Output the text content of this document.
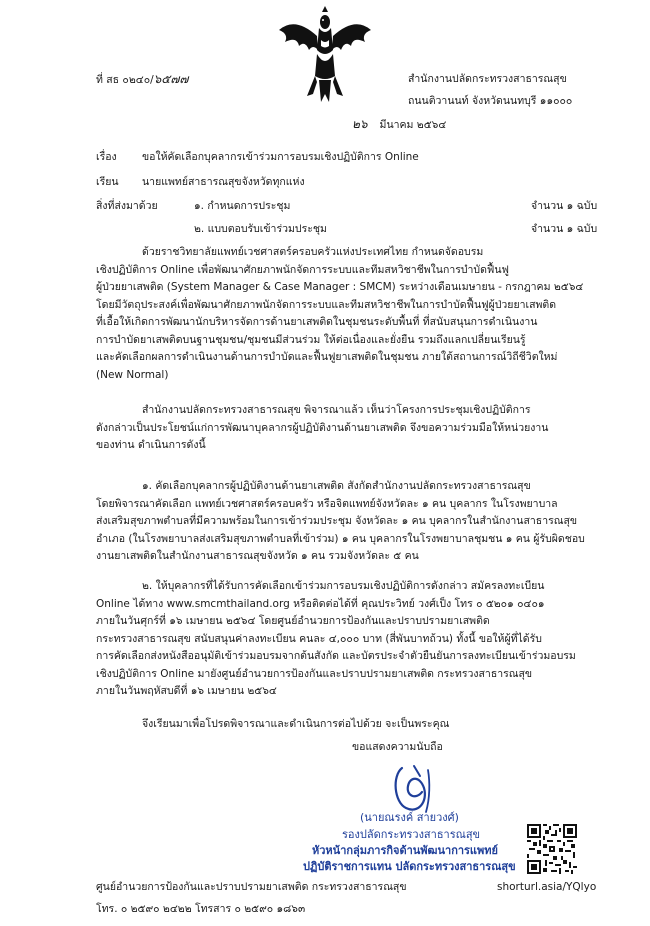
ที่ สธ ๐๒๔๐/๖๕๗๗	สำนักงานปลัดกระทรวงสาธารณสุข
ถนนติวานนท์ จังหวัดนนทบุรี ๑๑๐๐๐
๒๖ มีนาคม ๒๕๖๔
เรื่อง ขอให้คัดเลือกบุคลากรเข้าร่วมการอบรมเชิงปฏิบัติการ Online
เรียน นายแพทย์สาธารณสุขจังหวัดทุกแห่ง
สิ่งที่ส่งมาด้วย	๑. กำหนดการประชุม	จำนวน ๑ ฉบับ
๒. แบบตอบรับเข้าร่วมประชุม	จำนวน ๑ ฉบับ
ด้วยราชวิทยาลัยแพทย์เวชศาสตร์ครอบครัวแห่งประเทศไทย กำหนดจัดอบรม
เชิงปฏิบัติการ Online เพื่อพัฒนาศักยภาพนักจัดการระบบและทีมสหวิชาชีพในการบำบัดฟื้นฟู
ผู้ป่วยยาเสพติด (System Manager & Case Manager : SMCM) ระหว่างเดือนเมษายน - กรกฎาคม ๒๕๖๔
โดยมีวัตถุประสงค์เพื่อพัฒนาศักยภาพนักจัดการระบบและทีมสหวิชาชีพในการบำบัดฟื้นฟูผู้ป่วยยาเสพติด
ที่เอื้อให้เกิดการพัฒนานักบริหารจัดการด้านยาเสพติดในชุมชนระดับพื้นที่ ที่สนับสนุนการดำเนินงาน
การบำบัดยาเสพติดบนฐานชุมชน/ชุมชนมีส่วนร่วม ให้ต่อเนื่องและยั่งยืน รวมถึงแลกเปลี่ยนเรียนรู้
และคัดเลือกผลการดำเนินงานด้านการบำบัดและฟื้นฟูยาเสพติดในชุมชน ภายใต้สถานการณ์วิถีชีวิตใหม่
(New Normal)
สำนักงานปลัดกระทรวงสาธารณสุข พิจารณาแล้ว เห็นว่าโครงการประชุมเชิงปฏิบัติการ
ดังกล่าวเป็นประโยชน์แก่การพัฒนาบุคลากรผู้ปฏิบัติงานด้านยาเสพติด จึงขอความร่วมมือให้หน่วยงาน
ของท่าน ดำเนินการดังนี้
๑. คัดเลือกบุคลากรผู้ปฏิบัติงานด้านยาเสพติด สังกัดสำนักงานปลัดกระทรวงสาธารณสุข
โดยพิจารณาคัดเลือก แพทย์เวชศาสตร์ครอบครัว หรือจิตแพทย์จังหวัดละ ๑ คน บุคลากร ในโรงพยาบาล
ส่งเสริมสุขภาพตำบลที่มีความพร้อมในการเข้าร่วมประชุม จังหวัดละ ๑ คน บุคลากรในสำนักงานสาธารณสุข
อำเภอ (ในโรงพยาบาลส่งเสริมสุขภาพตำบลที่เข้าร่วม) ๑ คน บุคลากรในโรงพยาบาลชุมชน ๑ คน ผู้รับผิดชอบ
งานยาเสพติดในสำนักงานสาธารณสุขจังหวัด ๑ คน รวมจังหวัดละ ๕ คน
๒. ให้บุคลากรที่ได้รับการคัดเลือกเข้าร่วมการอบรมเชิงปฏิบัติการดังกล่าว สมัครลงทะเบียน
Online ได้ทาง www.smcmthailand.org หรือติดต่อได้ที่ คุณประวิทย์ วงศ์เป็ง โทร ๐ ๕๒๐๑ ๐๔๐๑
ภายในวันศุกร์ที่ ๑๖ เมษายน ๒๕๖๔ โดยศูนย์อำนวยการป้องกันและปราบปรามยาเสพติด
กระทรวงสาธารณสุข สนับสนุนค่าลงทะเบียน คนละ ๔,๐๐๐ บาท (สี่พันบาทถ้วน) ทั้งนี้ ขอให้ผู้ที่ได้รับ
การคัดเลือกส่งหนังสืออนุมัติเข้าร่วมอบรมจากต้นสังกัด และบัตรประจำตัวยืนยันการลงทะเบียนเข้าร่วมอบรม
เชิงปฏิบัติการ Online มายังศูนย์อำนวยการป้องกันและปราบปรามยาเสพติด กระทรวงสาธารณสุข
ภายในวันพฤหัสบดีที่ ๑๖ เมษายน ๒๕๖๔
จึงเรียนมาเพื่อโปรดพิจารณาและดำเนินการต่อไปด้วย จะเป็นพระคุณ
ขอแสดงความนับถือ
(นายณรงค์ สายวงศ์)
รองปลัดกระทรวงสาธารณสุข
หัวหน้ากลุ่มภารกิจด้านพัฒนาการแพทย์
ปฏิบัติราชการแทน ปลัดกระทรวงสาธารณสุข
ศูนย์อำนวยการป้องกันและปราบปรามยาเสพติด กระทรวงสาธารณสุข	shorturl.asia/YQlyo
โทร. ๐ ๒๕๙๐ ๒๔๒๒ โทรสาร ๐ ๒๕๙๐ ๑๘๖๓
